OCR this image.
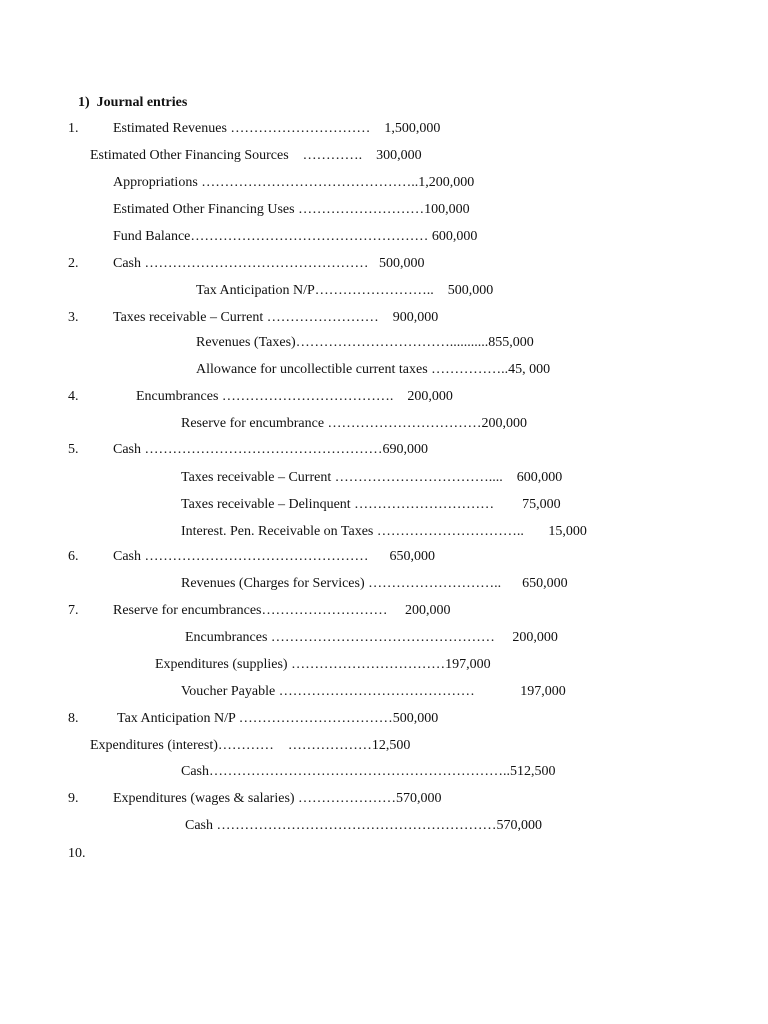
1)  Journal entries
1. Estimated Revenues …………………………    1,500,000
Estimated Other Financing Sources    ………….    300,000
Appropriations ………………………………………..1,200,000
Estimated Other Financing Uses ………………………100,000
Fund Balance…………………………………………… 600,000
2. Cash …………………………………………   500,000
Tax Anticipation N/P……………………..    500,000
3. Taxes receivable – Current ……………………    900,000
Revenues (Taxes)……………………………...........855,000
Allowance for uncollectible current taxes ……………..45, 000
4.	Encumbrances ……………………………….    200,000
Reserve for encumbrance ……………………………200,000
5. Cash ……………………………………………690,000
Taxes receivable – Current ……………………………....    600,000
Taxes receivable – Delinquent …………………………        75,000
Interest. Pen. Receivable on Taxes …………………………..       15,000
6. Cash …………………………………………      650,000
Revenues (Charges for Services) ………………………..      650,000
7. Reserve for encumbrances………………………     200,000
Encumbrances …………………………………………     200,000
Expenditures (supplies) ……………………………197,000
Voucher Payable ……………………………………             197,000
8.	Tax Anticipation N/P ……………………………500,000
Expenditures (interest)…………    ………………12,500
Cash………………………………………………………..512,500
9. Expenditures (wages & salaries) …………………570,000
Cash ……………………………………………………570,000
10.
